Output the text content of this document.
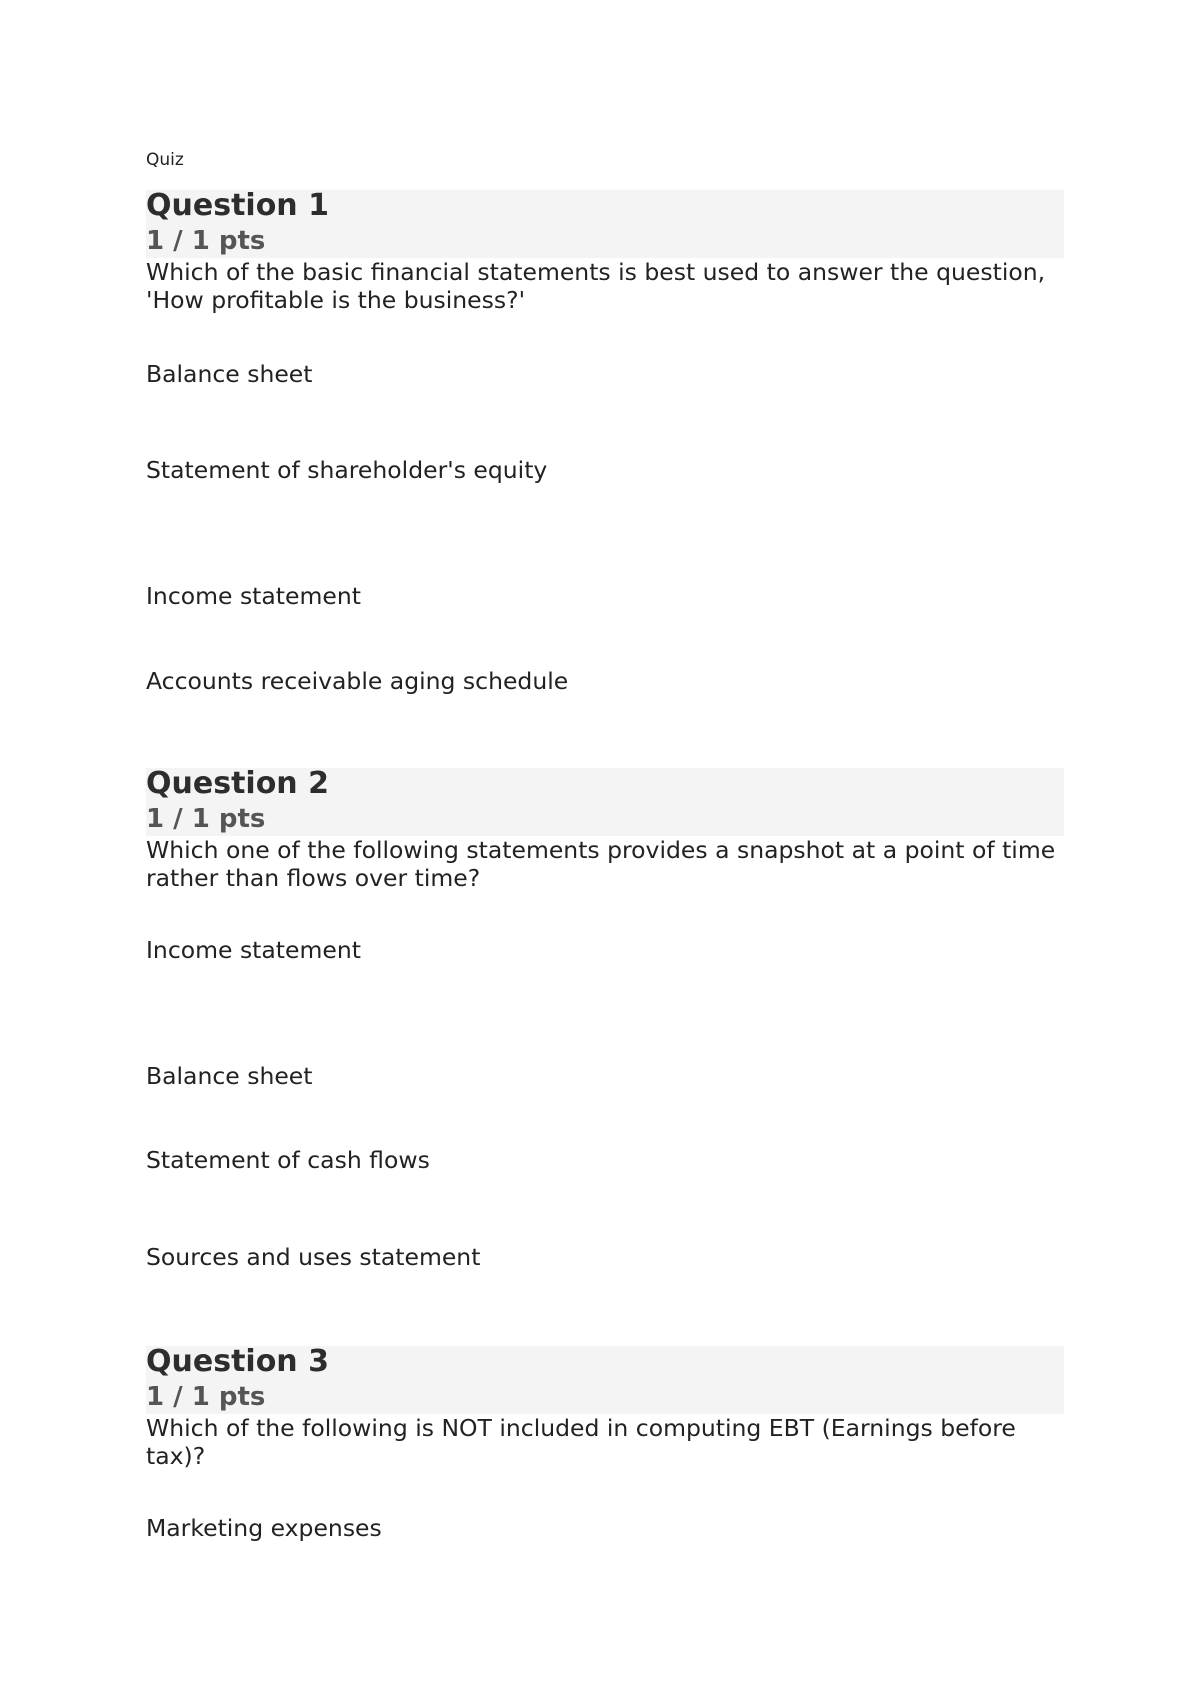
Quiz
Question 1
1 / 1 pts
Which of the basic financial statements is best used to answer the question, 'How profitable is the business?'
Balance sheet
Statement of shareholder's equity
Income statement
Accounts receivable aging schedule
Question 2
1 / 1 pts
Which one of the following statements provides a snapshot at a point of time rather than flows over time?
Income statement
Balance sheet
Statement of cash flows
Sources and uses statement
Question 3
1 / 1 pts
Which of the following is NOT included in computing EBT (Earnings before tax)?
Marketing expenses
